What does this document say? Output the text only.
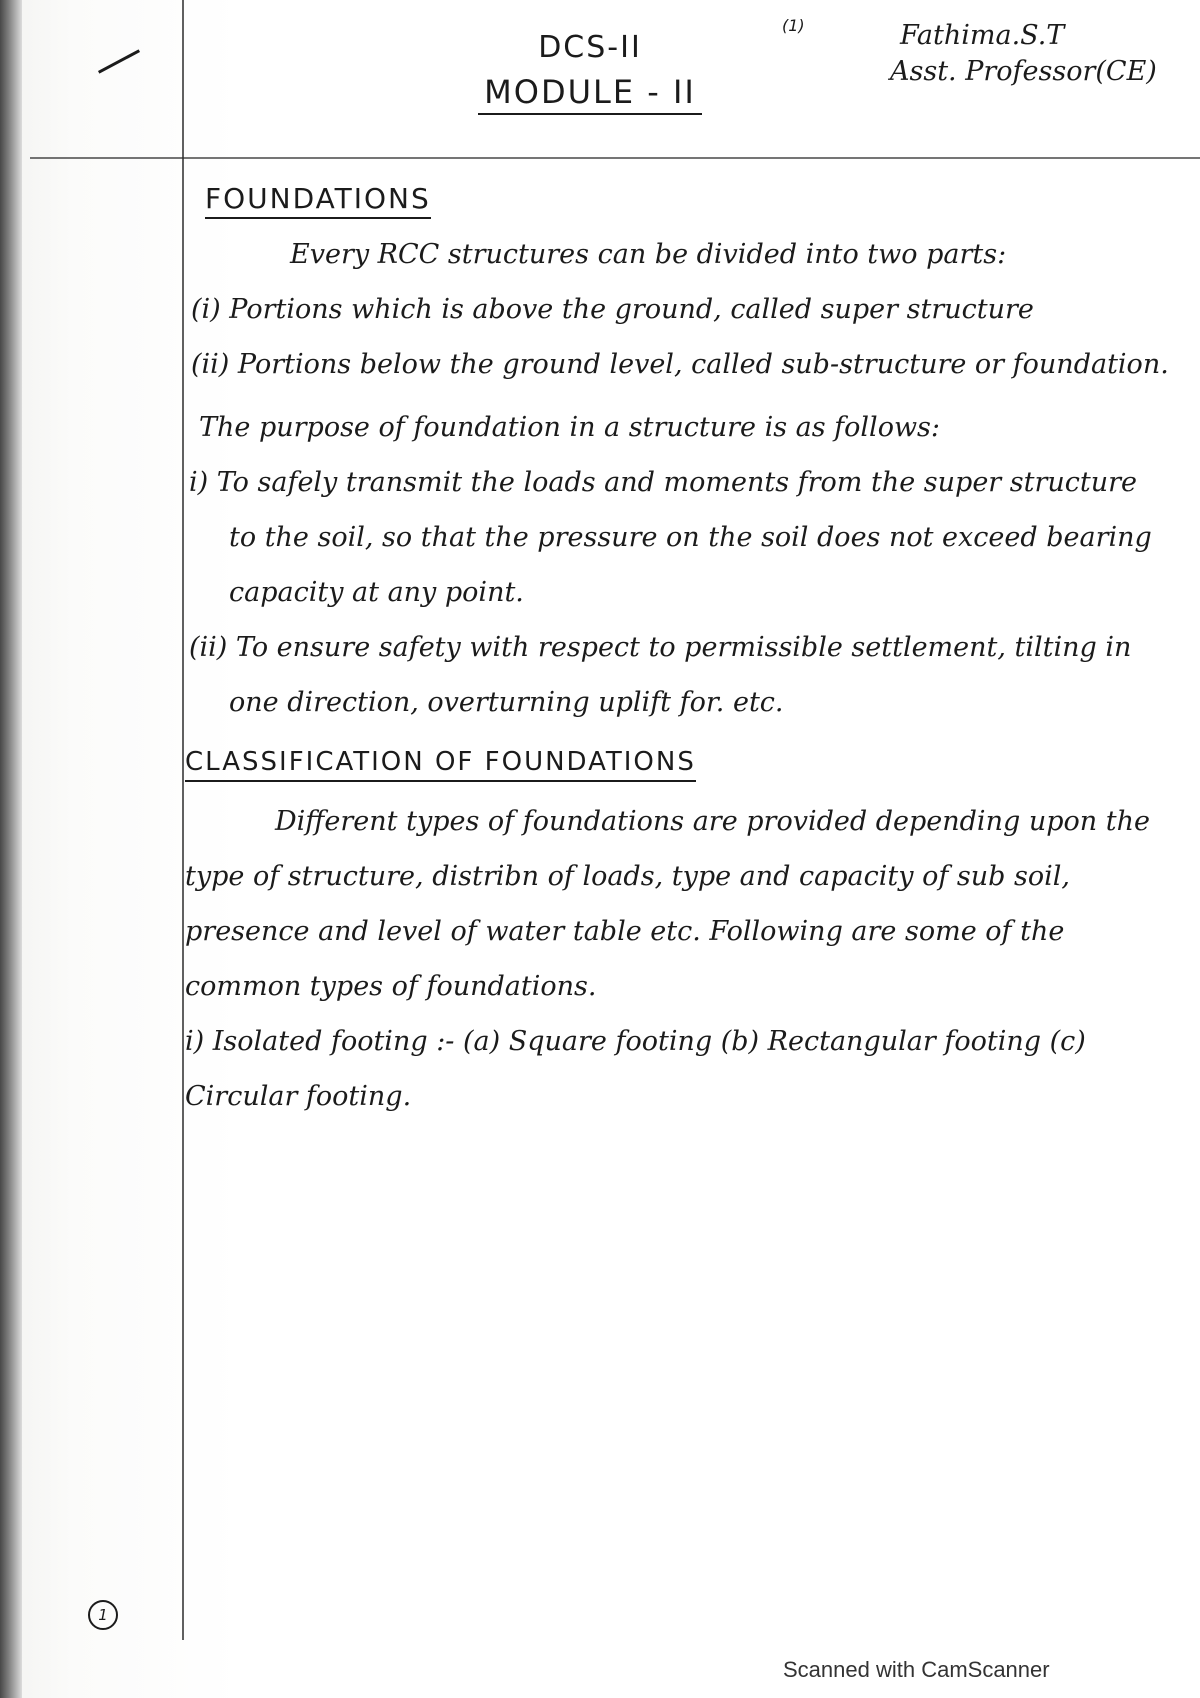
(1)
DCS-II
MODULE - II
Fathima.S.T
Asst. Professor(CE)
FOUNDATIONS
Every RCC structures can be divided into two parts:
(i) Portions which is above the ground, called super structure
(ii) Portions below the ground level, called sub-structure or foundation.
The purpose of foundation in a structure is as follows:
i) To safely transmit the loads and moments from the super structure to the soil, so that the pressure on the soil does not exceed bearing capacity at any point.
(ii) To ensure safety with respect to permissible settlement, tilting in one direction, overturning uplift for. etc.
CLASSIFICATION OF FOUNDATIONS
Different types of foundations are provided depending upon the type of structure, distribn of loads, type and capacity of sub soil, presence and level of water table etc. Following are some of the common types of foundations.
i) Isolated footing :- (a) Square footing (b) Rectangular footing (c) Circular footing.
1
Scanned with CamScanner
